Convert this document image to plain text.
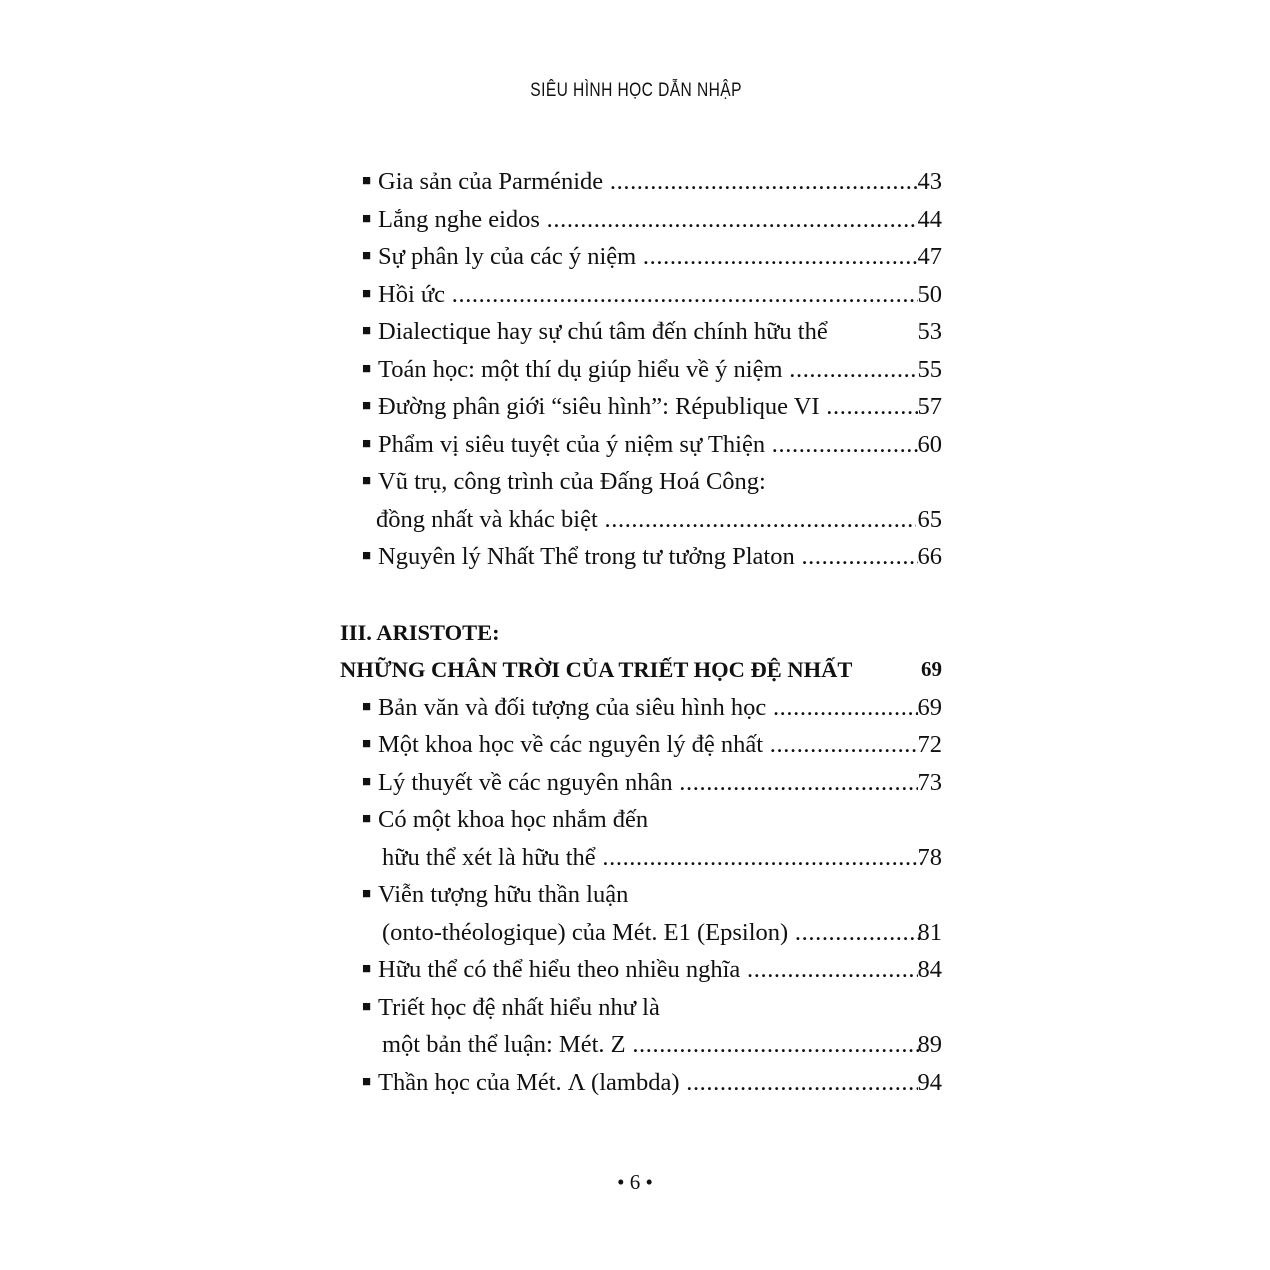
SIÊU HÌNH HỌC DẪN NHẬP
■ Gia sản của Parménide .....	43
■ Lắng nghe eidos .....	44
■ Sự phân ly của các ý niệm .....	47
■ Hồi ức .....	50
■ Dialectique hay sự chú tâm đến chính hữu thể	53
■ Toán học: một thí dụ giúp hiểu về ý niệm .....	55
■ Đường phân giới “siêu hình”: République VI .....	57
■ Phẩm vị siêu tuyệt của ý niệm sự Thiện .....	60
■ Vũ trụ, công trình của Đấng Hoá Công:
đồng nhất và khác biệt .....	65
■ Nguyên lý Nhất Thể trong tư tưởng Platon .....	66
III. ARISTOTE:
NHỮNG CHÂN TRỜI CỦA TRIẾT HỌC ĐỆ NHẤT	69
■ Bản văn và đối tượng của siêu hình học .....	69
■ Một khoa học về các nguyên lý đệ nhất .....	72
■ Lý thuyết về các nguyên nhân .....	73
■ Có một khoa học nhắm đến
hữu thể xét là hữu thể .....	78
■ Viễn tượng hữu thần luận
(onto-théologique) của Mét. E1 (Epsilon) .....	81
■ Hữu thể có thể hiểu theo nhiều nghĩa .....	84
■ Triết học đệ nhất hiểu như là
một bản thể luận: Mét. Z .....	89
■ Thần học của Mét. Λ (lambda) .....	94
• 6 •
